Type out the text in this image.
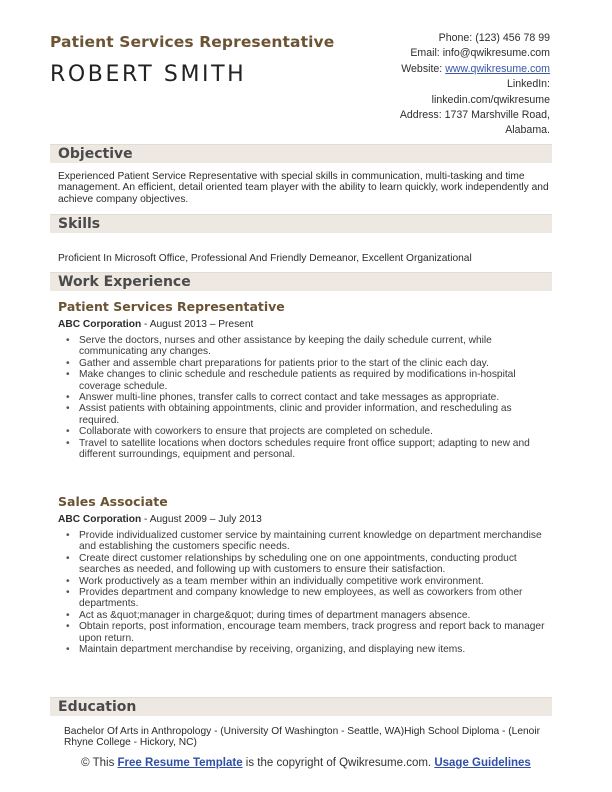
Patient Services Representative
ROBERT SMITH
Phone: (123) 456 78 99
Email: info@qwikresume.com
Website: www.qwikresume.com
LinkedIn:
linkedin.com/qwikresume
Address: 1737 Marshville Road,
Alabama.
Objective
Experienced Patient Service Representative with special skills in communication, multi-tasking and time management. An efficient, detail oriented team player with the ability to learn quickly, work independently and achieve company objectives.
Skills
Proficient In Microsoft Office, Professional And Friendly Demeanor, Excellent Organizational
Work Experience
Patient Services Representative
ABC Corporation - August 2013 – Present
• Serve the doctors, nurses and other assistance by keeping the daily schedule current, while communicating any changes.
• Gather and assemble chart preparations for patients prior to the start of the clinic each day.
• Make changes to clinic schedule and reschedule patients as required by modifications in-hospital coverage schedule.
• Answer multi-line phones, transfer calls to correct contact and take messages as appropriate.
• Assist patients with obtaining appointments, clinic and provider information, and rescheduling as required.
• Collaborate with coworkers to ensure that projects are completed on schedule.
• Travel to satellite locations when doctors schedules require front office support; adapting to new and different surroundings, equipment and personal.
Sales Associate
ABC Corporation - August 2009 – July 2013
• Provide individualized customer service by maintaining current knowledge on department merchandise and establishing the customers specific needs.
• Create direct customer relationships by scheduling one on one appointments, conducting product searches as needed, and following up with customers to ensure their satisfaction.
• Work productively as a team member within an individually competitive work environment.
• Provides department and company knowledge to new employees, as well as coworkers from other departments.
• Act as &quot;manager in charge&quot; during times of department managers absence.
• Obtain reports, post information, encourage team members, track progress and report back to manager upon return.
• Maintain department merchandise by receiving, organizing, and displaying new items.
Education
Bachelor Of Arts in Anthropology - (University Of Washington - Seattle, WA)High School Diploma - (Lenoir Rhyne College - Hickory, NC)
© This Free Resume Template is the copyright of Qwikresume.com. Usage Guidelines
